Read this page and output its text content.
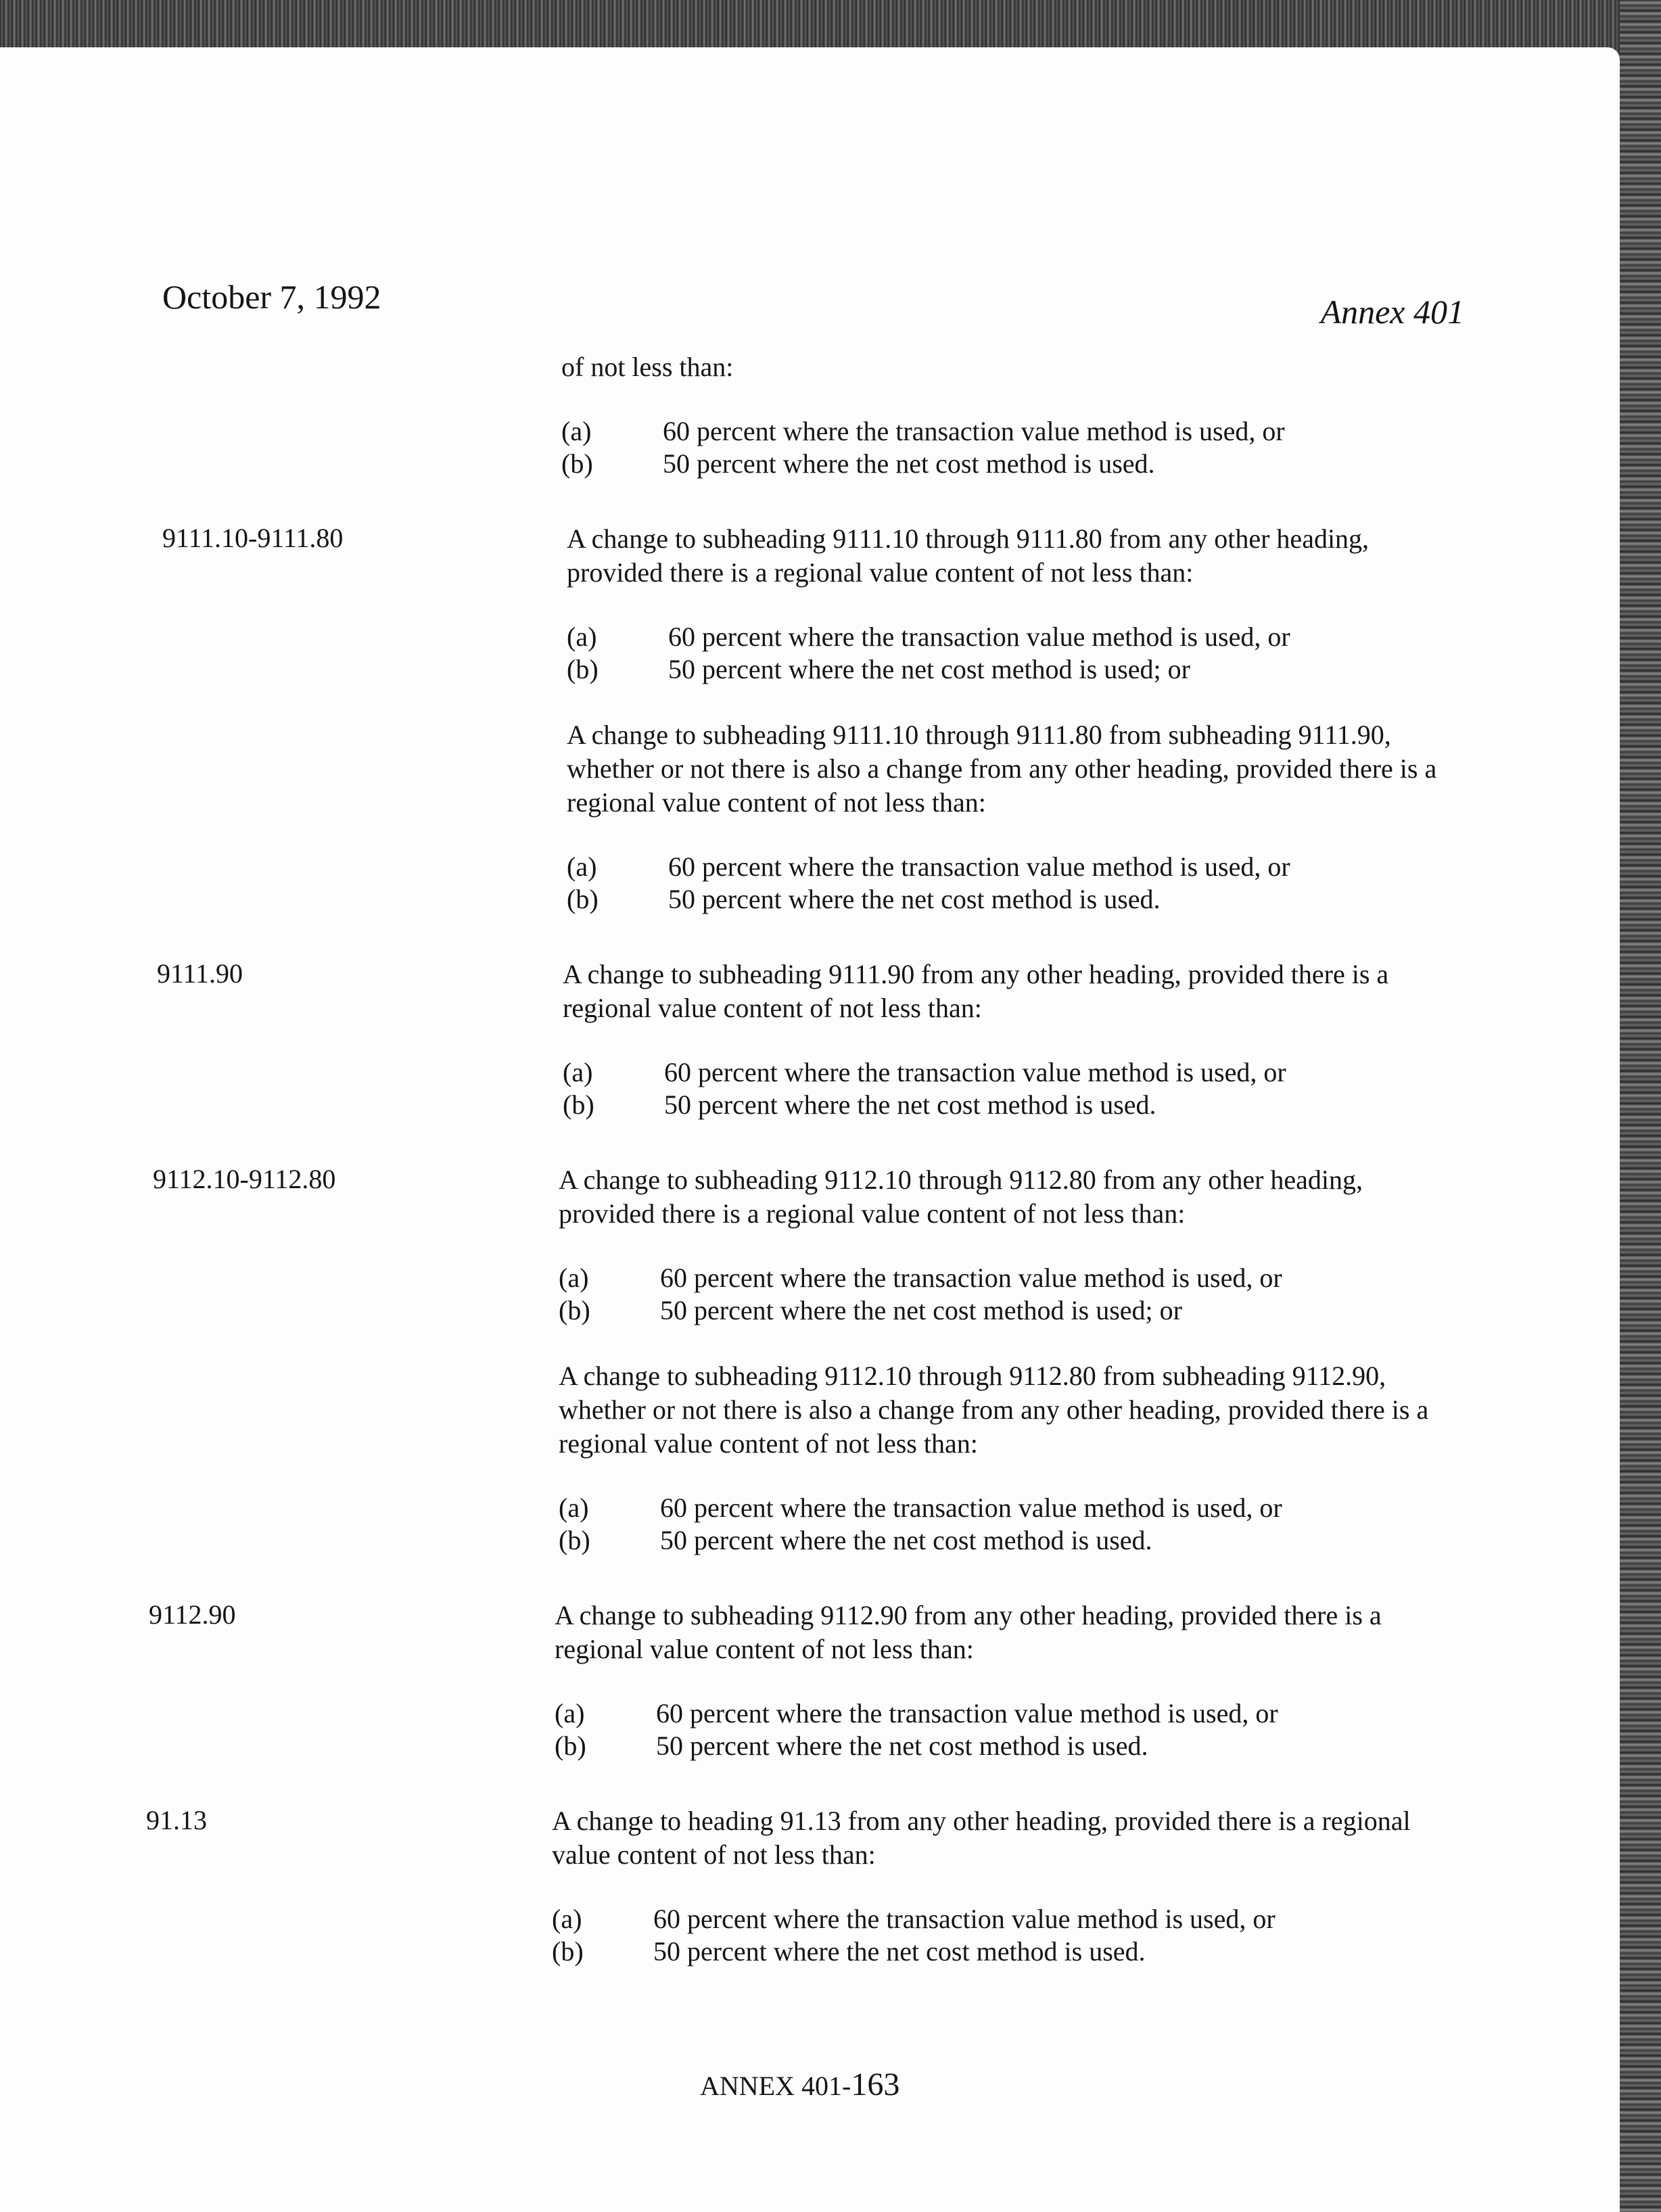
October 7, 1992	Annex 401

of not less than:

(a)	60 percent where the transaction value method is used, or
(b)	50 percent where the net cost method is used.
9111.10-9111.80	A change to subheading 9111.10 through 9111.80 from any other heading, provided there is a regional value content of not less than:

(a)	60 percent where the transaction value method is used, or
(b)	50 percent where the net cost method is used; or

A change to subheading 9111.10 through 9111.80 from subheading 9111.90, whether or not there is also a change from any other heading, provided there is a regional value content of not less than:

(a)	60 percent where the transaction value method is used, or
(b)	50 percent where the net cost method is used.
9111.90	A change to subheading 9111.90 from any other heading, provided there is a regional value content of not less than:

(a)	60 percent where the transaction value method is used, or
(b)	50 percent where the net cost method is used.
9112.10-9112.80	A change to subheading 9112.10 through 9112.80 from any other heading, provided there is a regional value content of not less than:

(a)	60 percent where the transaction value method is used, or
(b)	50 percent where the net cost method is used; or

A change to subheading 9112.10 through 9112.80 from subheading 9112.90, whether or not there is also a change from any other heading, provided there is a regional value content of not less than:

(a)	60 percent where the transaction value method is used, or
(b)	50 percent where the net cost method is used.
9112.90	A change to subheading 9112.90 from any other heading, provided there is a regional value content of not less than:

(a)	60 percent where the transaction value method is used, or
(b)	50 percent where the net cost method is used.
91.13	A change to heading 91.13 from any other heading, provided there is a regional value content of not less than:

(a)	60 percent where the transaction value method is used, or
(b)	50 percent where the net cost method is used.
ANNEX 401-163
